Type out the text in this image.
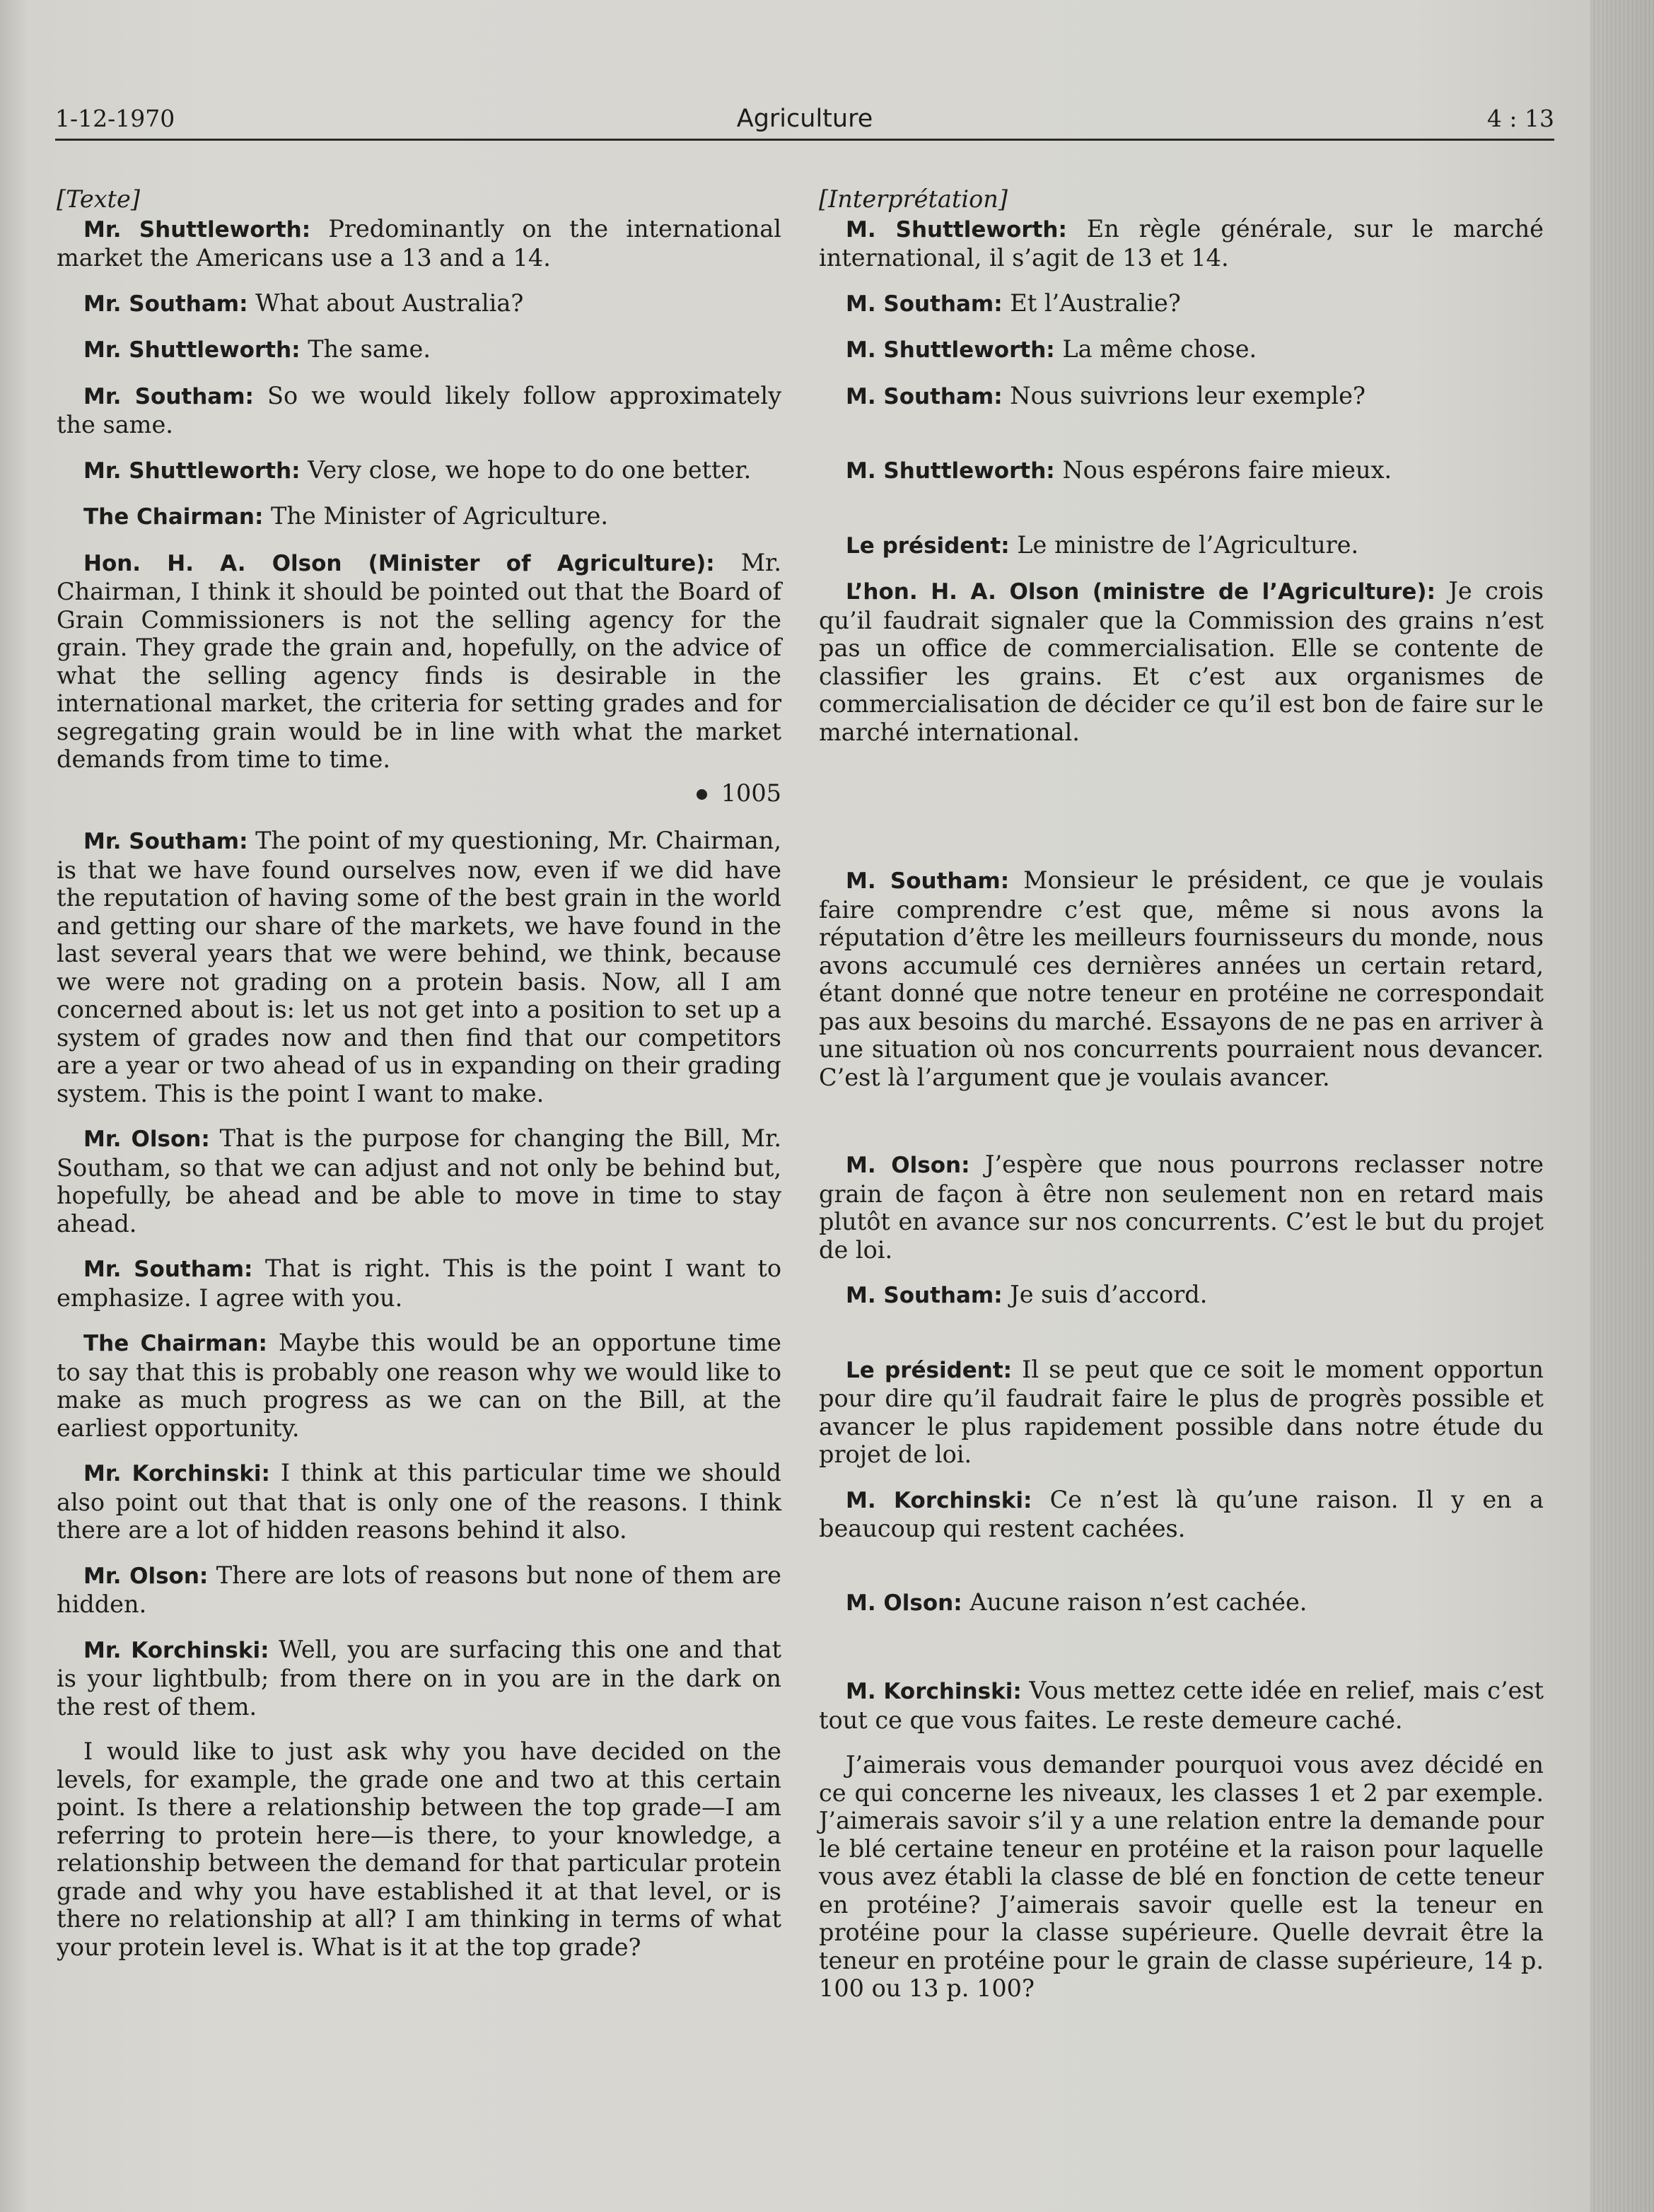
1-12-1970	Agriculture	4 : 13

[Texte]

Mr. Shuttleworth: Predominantly on the international market the Americans use a 13 and a 14.

Mr. Southam: What about Australia?

Mr. Shuttleworth: The same.

Mr. Southam: So we would likely follow approximately the same.

Mr. Shuttleworth: Very close, we hope to do one better.

The Chairman: The Minister of Agriculture.

Hon. H. A. Olson (Minister of Agriculture): Mr. Chairman, I think it should be pointed out that the Board of Grain Commissioners is not the selling agency for the grain. They grade the grain and, hopefully, on the advice of what the selling agency finds is desirable in the international market, the criteria for setting grades and for segregating grain would be in line with what the market demands from time to time.

1005

Mr. Southam: The point of my questioning, Mr. Chairman, is that we have found ourselves now, even if we did have the reputation of having some of the best grain in the world and getting our share of the markets, we have found in the last several years that we were behind, we think, because we were not grading on a protein basis. Now, all I am concerned about is: let us not get into a position to set up a system of grades now and then find that our competitors are a year or two ahead of us in expanding on their grading system. This is the point I want to make.

Mr. Olson: That is the purpose for changing the Bill, Mr. Southam, so that we can adjust and not only be behind but, hopefully, be ahead and be able to move in time to stay ahead.

Mr. Southam: That is right. This is the point I want to emphasize. I agree with you.

The Chairman: Maybe this would be an opportune time to say that this is probably one reason why we would like to make as much progress as we can on the Bill, at the earliest opportunity.

Mr. Korchinski: I think at this particular time we should also point out that that is only one of the reasons. I think there are a lot of hidden reasons behind it also.

Mr. Olson: There are lots of reasons but none of them are hidden.

Mr. Korchinski: Well, you are surfacing this one and that is your lightbulb; from there on in you are in the dark on the rest of them.

I would like to just ask why you have decided on the levels, for example, the grade one and two at this certain point. Is there a relationship between the top grade—I am referring to protein here—is there, to your knowledge, a relationship between the demand for that particular protein grade and why you have established it at that level, or is there no relationship at all? I am thinking in terms of what your protein level is. What is it at the top grade?

[Interprétation]

M. Shuttleworth: En règle générale, sur le marché international, il s’agit de 13 et 14.

M. Southam: Et l’Australie?

M. Shuttleworth: La même chose.

M. Southam: Nous suivrions leur exemple?

M. Shuttleworth: Nous espérons faire mieux.

Le président: Le ministre de l’Agriculture.

L’hon. H. A. Olson (ministre de l’Agriculture): Je crois qu’il faudrait signaler que la Commission des grains n’est pas un office de commercialisation. Elle se contente de classifier les grains. Et c’est aux organismes de commercialisation de décider ce qu’il est bon de faire sur le marché international.

M. Southam: Monsieur le président, ce que je voulais faire comprendre c’est que, même si nous avons la réputation d’être les meilleurs fournisseurs du monde, nous avons accumulé ces dernières années un certain retard, étant donné que notre teneur en protéine ne correspondait pas aux besoins du marché. Essayons de ne pas en arriver à une situation où nos concurrents pourraient nous devancer. C’est là l’argument que je voulais avancer.

M. Olson: J’espère que nous pourrons reclasser notre grain de façon à être non seulement non en retard mais plutôt en avance sur nos concurrents. C’est le but du projet de loi.

M. Southam: Je suis d’accord.

Le président: Il se peut que ce soit le moment opportun pour dire qu’il faudrait faire le plus de progrès possible et avancer le plus rapidement possible dans notre étude du projet de loi.

M. Korchinski: Ce n’est là qu’une raison. Il y en a beaucoup qui restent cachées.

M. Olson: Aucune raison n’est cachée.

M. Korchinski: Vous mettez cette idée en relief, mais c’est tout ce que vous faites. Le reste demeure caché.

J’aimerais vous demander pourquoi vous avez décidé en ce qui concerne les niveaux, les classes 1 et 2 par exemple. J’aimerais savoir s’il y a une relation entre la demande pour le blé certaine teneur en protéine et la raison pour laquelle vous avez établi la classe de blé en fonction de cette teneur en protéine? J’aimerais savoir quelle est la teneur en protéine pour la classe supérieure. Quelle devrait être la teneur en protéine pour le grain de classe supérieure, 14 p. 100 ou 13 p. 100?
